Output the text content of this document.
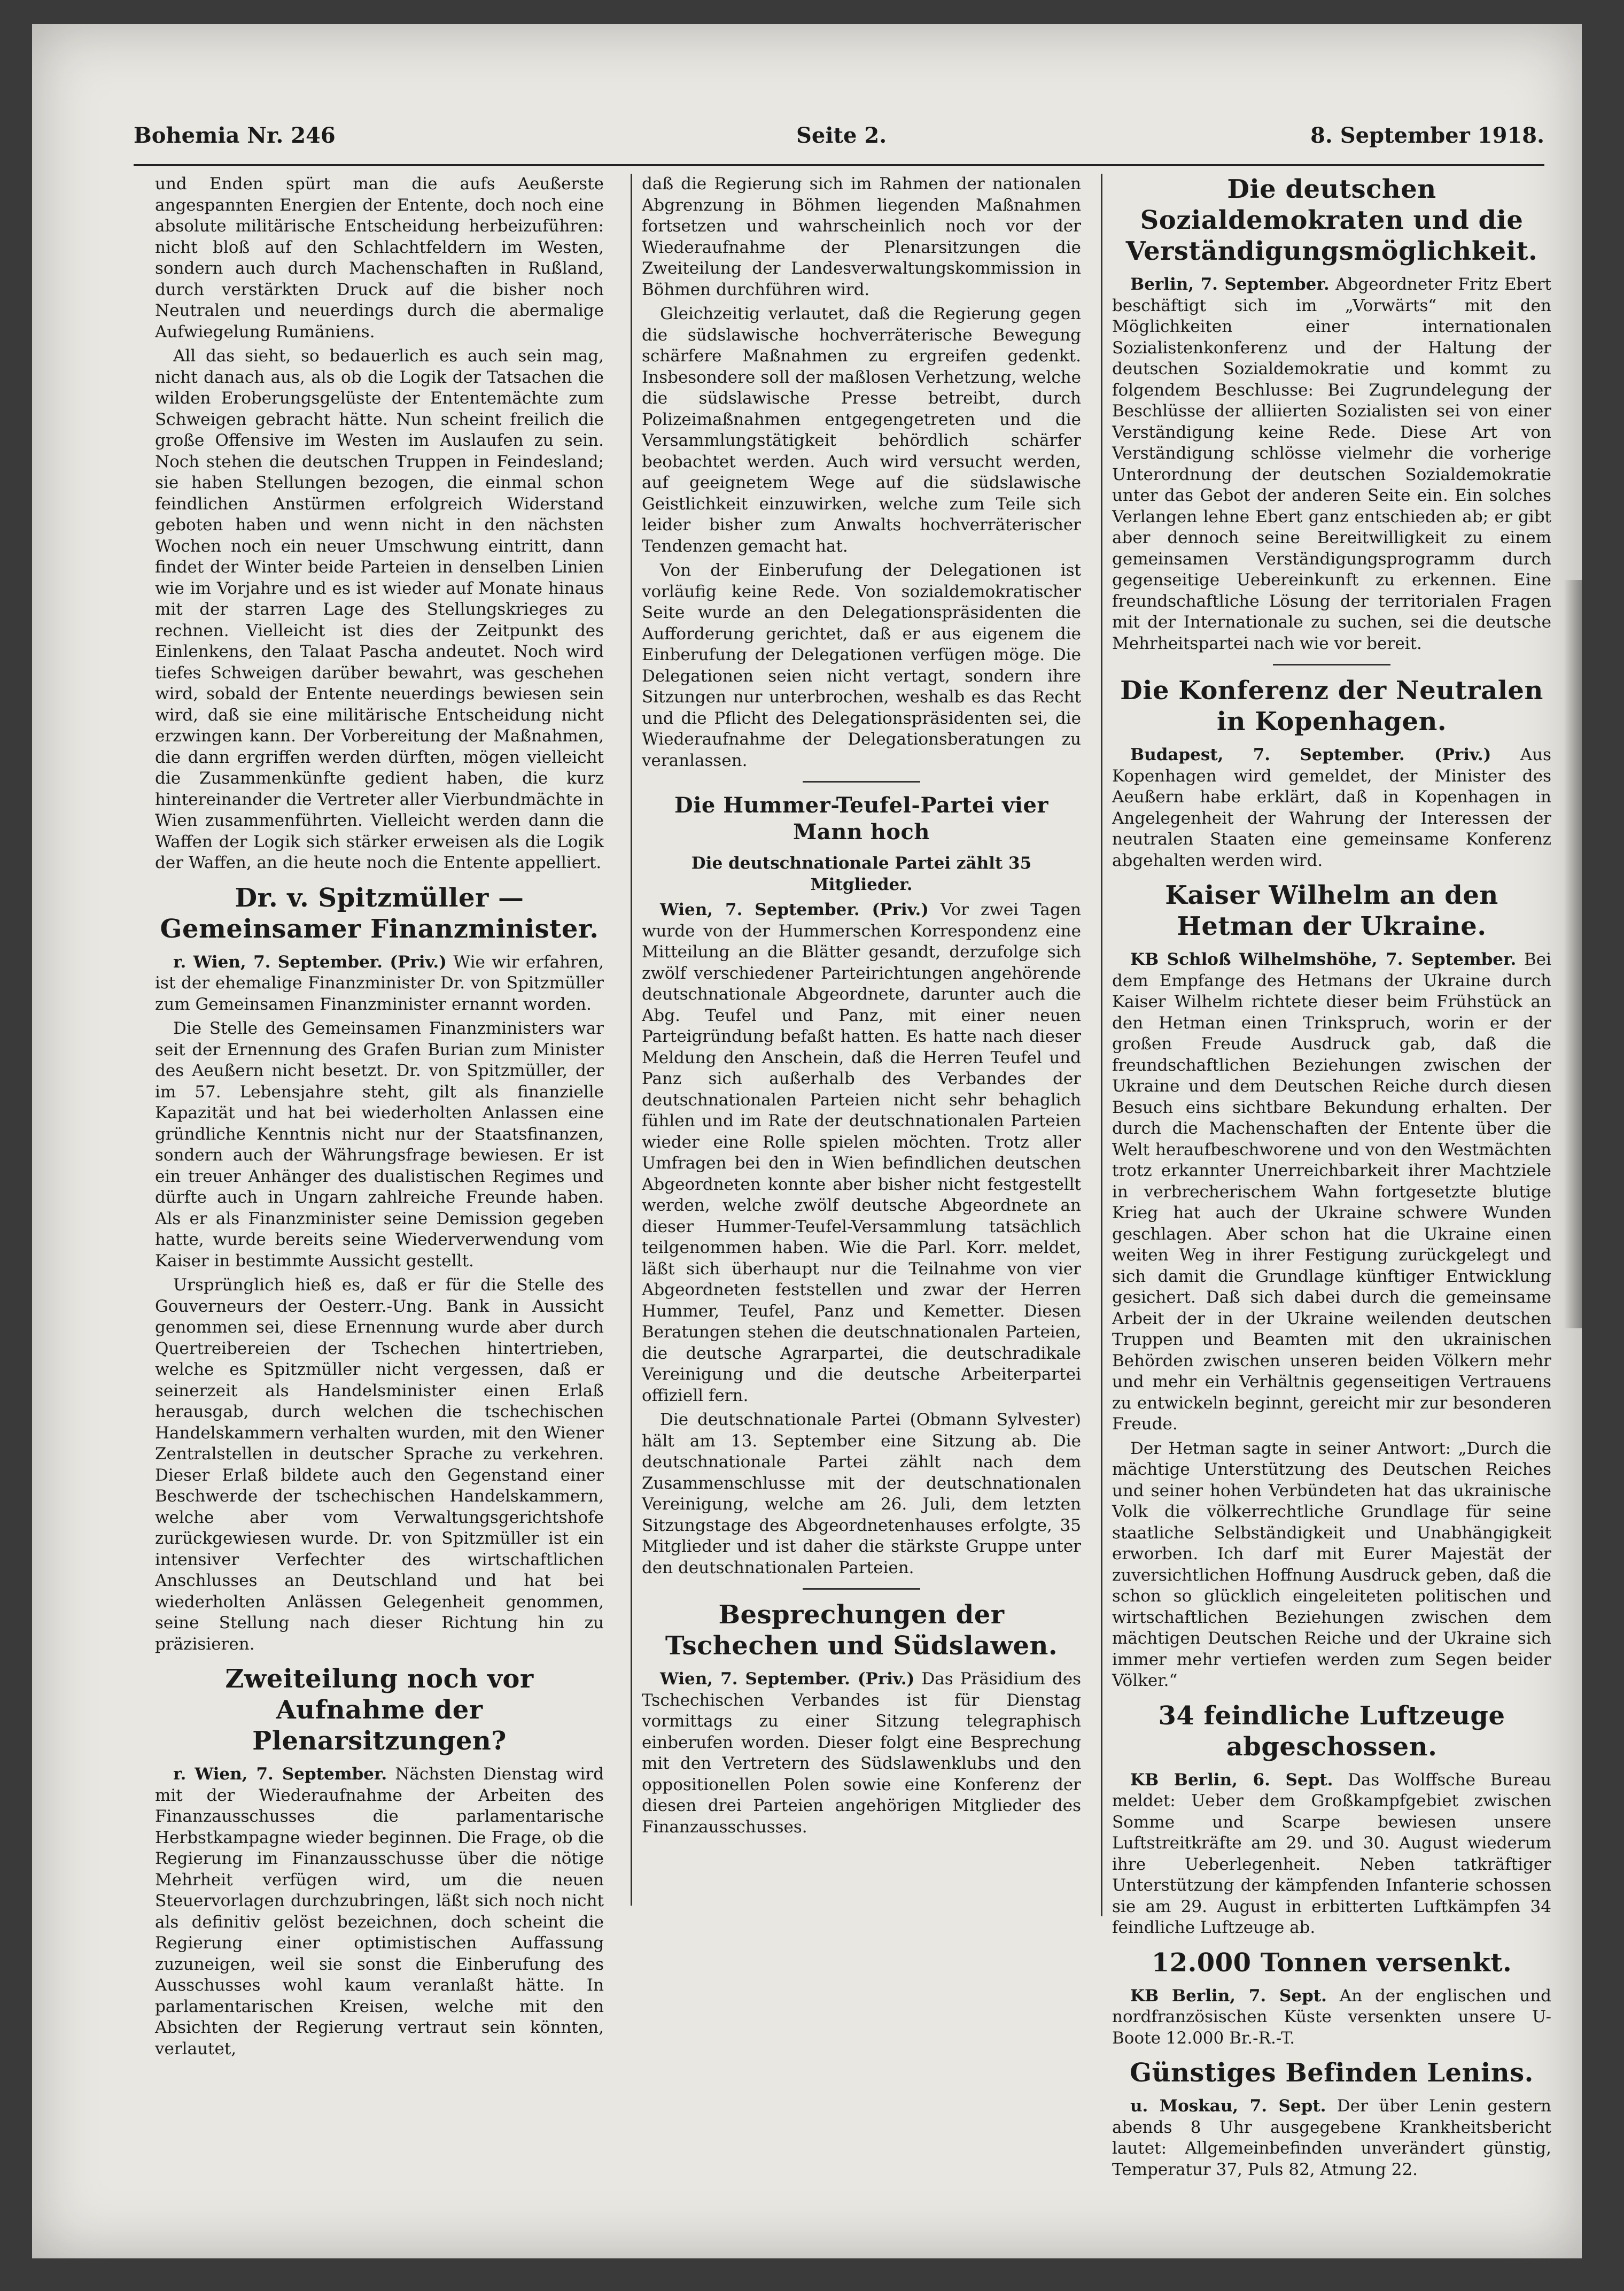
Bohemia Nr. 246	Seite 2.	8. September 1918.

und Enden spürt man die aufs Aeußerste angespannten Energien der Entente, doch noch eine absolute militärische Entscheidung herbeizuführen: nicht bloß auf den Schlachtfeldern im Westen, sondern auch durch Machenschaften in Rußland, durch verstärkten Druck auf die bisher noch Neutralen und neuerdings durch die abermalige Aufwiegelung Rumäniens.

All das sieht, so bedauerlich es auch sein mag, nicht danach aus, als ob die Logik der Tatsachen die wilden Eroberungsgelüste der Ententemächte zum Schweigen gebracht hätte. Nun scheint freilich die große Offensive im Westen im Auslaufen zu sein. Noch stehen die deutschen Truppen in Feindesland; sie haben Stellungen bezogen, die einmal schon feindlichen Anstürmen erfolgreich Widerstand geboten haben und wenn nicht in den nächsten Wochen noch ein neuer Umschwung eintritt, dann findet der Winter beide Parteien in denselben Linien wie im Vorjahre und es ist wieder auf Monate hinaus mit der starren Lage des Stellungskrieges zu rechnen. Vielleicht ist dies der Zeitpunkt des Einlenkens, den Talaat Pascha andeutet. Noch wird tiefes Schweigen darüber bewahrt, was geschehen wird, sobald der Entente neuerdings bewiesen sein wird, daß sie eine militärische Entscheidung nicht erzwingen kann. Der Vorbereitung der Maßnahmen, die dann ergriffen werden dürften, mögen vielleicht die Zusammenkünfte gedient haben, die kurz hintereinander die Vertreter aller Vierbundmächte in Wien zusammenführten. Vielleicht werden dann die Waffen der Logik sich stärker erweisen als die Logik der Waffen, an die heute noch die Entente appelliert.

Dr. v. Spitzmüller — Gemeinsamer Finanzminister.

r. Wien, 7. September. (Priv.) Wie wir erfahren, ist der ehemalige Finanzminister Dr. von Spitzmüller zum Gemeinsamen Finanzminister ernannt worden.

Die Stelle des Gemeinsamen Finanzministers war seit der Ernennung des Grafen Burian zum Minister des Aeußern nicht besetzt. Dr. von Spitzmüller, der im 57. Lebensjahre steht, gilt als finanzielle Kapazität und hat bei wiederholten Anlassen eine gründliche Kenntnis nicht nur der Staatsfinanzen, sondern auch der Währungsfrage bewiesen. Er ist ein treuer Anhänger des dualistischen Regimes und dürfte auch in Ungarn zahlreiche Freunde haben. Als er als Finanzminister seine Demission gegeben hatte, wurde bereits seine Wiederverwendung vom Kaiser in bestimmte Aussicht gestellt.

Ursprünglich hieß es, daß er für die Stelle des Gouverneurs der Oesterr.-Ung. Bank in Aussicht genommen sei, diese Ernennung wurde aber durch Quertreibereien der Tschechen hintertrieben, welche es Spitzmüller nicht vergessen, daß er seinerzeit als Handelsminister einen Erlaß herausgab, durch welchen die tschechischen Handelskammern verhalten wurden, mit den Wiener Zentralstellen in deutscher Sprache zu verkehren. Dieser Erlaß bildete auch den Gegenstand einer Beschwerde der tschechischen Handelskammern, welche aber vom Verwaltungsgerichtshofe zurückgewiesen wurde. Dr. von Spitzmüller ist ein intensiver Verfechter des wirtschaftlichen Anschlusses an Deutschland und hat bei wiederholten Anlässen Gelegenheit genommen, seine Stellung nach dieser Richtung hin zu präzisieren.

Zweiteilung noch vor Aufnahme der Plenarsitzungen?

r. Wien, 7. September. Nächsten Dienstag wird mit der Wiederaufnahme der Arbeiten des Finanzausschusses die parlamentarische Herbstkampagne wieder beginnen. Die Frage, ob die Regierung im Finanzausschusse über die nötige Mehrheit verfügen wird, um die neuen Steuervorlagen durchzubringen, läßt sich noch nicht als definitiv gelöst bezeichnen, doch scheint die Regierung einer optimistischen Auffassung zuzuneigen, weil sie sonst die Einberufung des Ausschusses wohl kaum veranlaßt hätte. In parlamentarischen Kreisen, welche mit den Absichten der Regierung vertraut sein könnten, verlautet,

daß die Regierung sich im Rahmen der nationalen Abgrenzung in Böhmen liegenden Maßnahmen fortsetzen und wahrscheinlich noch vor der Wiederaufnahme der Plenarsitzungen die Zweiteilung der Landesverwaltungskommission in Böhmen durchführen wird.

Gleichzeitig verlautet, daß die Regierung gegen die südslawische hochverräterische Bewegung schärfere Maßnahmen zu ergreifen gedenkt. Insbesondere soll der maßlosen Verhetzung, welche die südslawische Presse betreibt, durch Polizeimaßnahmen entgegengetreten und die Versammlungstätigkeit behördlich schärfer beobachtet werden. Auch wird versucht werden, auf geeignetem Wege auf die südslawische Geistlichkeit einzuwirken, welche zum Teile sich leider bisher zum Anwalts hochverräterischer Tendenzen gemacht hat.

Von der Einberufung der Delegationen ist vorläufig keine Rede. Von sozialdemokratischer Seite wurde an den Delegationspräsidenten die Aufforderung gerichtet, daß er aus eigenem die Einberufung der Delegationen verfügen möge. Die Delegationen seien nicht vertagt, sondern ihre Sitzungen nur unterbrochen, weshalb es das Recht und die Pflicht des Delegationspräsidenten sei, die Wiederaufnahme der Delegationsberatungen zu veranlassen.

Die Hummer-Teufel-Partei vier Mann hoch
Die deutschnationale Partei zählt 35 Mitglieder.

Wien, 7. September. (Priv.) Vor zwei Tagen wurde von der Hummerschen Korrespondenz eine Mitteilung an die Blätter gesandt, derzufolge sich zwölf verschiedener Parteirichtungen angehörende deutschnationale Abgeordnete, darunter auch die Abg. Teufel und Panz, mit einer neuen Parteigründung befaßt hatten. Es hatte nach dieser Meldung den Anschein, daß die Herren Teufel und Panz sich außerhalb des Verbandes der deutschnationalen Parteien nicht sehr behaglich fühlen und im Rate der deutschnationalen Parteien wieder eine Rolle spielen möchten. Trotz aller Umfragen bei den in Wien befindlichen deutschen Abgeordneten konnte aber bisher nicht festgestellt werden, welche zwölf deutsche Abgeordnete an dieser Hummer-Teufel-Versammlung tatsächlich teilgenommen haben. Wie die Parl. Korr. meldet, läßt sich überhaupt nur die Teilnahme von vier Abgeordneten feststellen und zwar der Herren Hummer, Teufel, Panz und Kemetter. Diesen Beratungen stehen die deutschnationalen Parteien, die deutsche Agrarpartei, die deutschradikale Vereinigung und die deutsche Arbeiterpartei offiziell fern.

Die deutschnationale Partei (Obmann Sylvester) hält am 13. September eine Sitzung ab. Die deutschnationale Partei zählt nach dem Zusammenschlusse mit der deutschnationalen Vereinigung, welche am 26. Juli, dem letzten Sitzungstage des Abgeordnetenhauses erfolgte, 35 Mitglieder und ist daher die stärkste Gruppe unter den deutschnationalen Parteien.

Besprechungen der Tschechen und Südslawen.

Wien, 7. September. (Priv.) Das Präsidium des Tschechischen Verbandes ist für Dienstag vormittags zu einer Sitzung telegraphisch einberufen worden. Dieser folgt eine Besprechung mit den Vertretern des Südslawenklubs und den oppositionellen Polen sowie eine Konferenz der diesen drei Parteien angehörigen Mitglieder des Finanzausschusses.

Die deutschen Sozialdemokraten und die Verständigungsmöglichkeit.

Berlin, 7. September. Abgeordneter Fritz Ebert beschäftigt sich im „Vorwärts“ mit den Möglichkeiten einer internationalen Sozialistenkonferenz und der Haltung der deutschen Sozialdemokratie und kommt zu folgendem Beschlusse: Bei Zugrundelegung der Beschlüsse der alliierten Sozialisten sei von einer Verständigung keine Rede. Diese Art von Verständigung schlösse vielmehr die vorherige Unterordnung der deutschen Sozialdemokratie unter das Gebot der anderen Seite ein. Ein solches Verlangen lehne Ebert ganz entschieden ab; er gibt aber dennoch seine Bereitwilligkeit zu einem gemeinsamen Verständigungsprogramm durch gegenseitige Uebereinkunft zu erkennen. Eine freundschaftliche Lösung der territorialen Fragen mit der Internationale zu suchen, sei die deutsche Mehrheitspartei nach wie vor bereit.

Die Konferenz der Neutralen in Kopenhagen.

Budapest, 7. September. (Priv.) Aus Kopenhagen wird gemeldet, der Minister des Aeußern habe erklärt, daß in Kopenhagen in Angelegenheit der Wahrung der Interessen der neutralen Staaten eine gemeinsame Konferenz abgehalten werden wird.

Kaiser Wilhelm an den Hetman der Ukraine.

KB Schloß Wilhelmshöhe, 7. September. Bei dem Empfange des Hetmans der Ukraine durch Kaiser Wilhelm richtete dieser beim Frühstück an den Hetman einen Trinkspruch, worin er der großen Freude Ausdruck gab, daß die freundschaftlichen Beziehungen zwischen der Ukraine und dem Deutschen Reiche durch diesen Besuch eins sichtbare Bekundung erhalten. Der durch die Machenschaften der Entente über die Welt heraufbeschworene und von den Westmächten trotz erkannter Unerreichbarkeit ihrer Machtziele in verbrecherischem Wahn fortgesetzte blutige Krieg hat auch der Ukraine schwere Wunden geschlagen. Aber schon hat die Ukraine einen weiten Weg in ihrer Festigung zurückgelegt und sich damit die Grundlage künftiger Entwicklung gesichert. Daß sich dabei durch die gemeinsame Arbeit der in der Ukraine weilenden deutschen Truppen und Beamten mit den ukrainischen Behörden zwischen unseren beiden Völkern mehr und mehr ein Verhältnis gegenseitigen Vertrauens zu entwickeln beginnt, gereicht mir zur besonderen Freude.

Der Hetman sagte in seiner Antwort: „Durch die mächtige Unterstützung des Deutschen Reiches und seiner hohen Verbündeten hat das ukrainische Volk die völkerrechtliche Grundlage für seine staatliche Selbständigkeit und Unabhängigkeit erworben. Ich darf mit Eurer Majestät der zuversichtlichen Hoffnung Ausdruck geben, daß die schon so glücklich eingeleiteten politischen und wirtschaftlichen Beziehungen zwischen dem mächtigen Deutschen Reiche und der Ukraine sich immer mehr vertiefen werden zum Segen beider Völker.“

34 feindliche Luftzeuge abgeschossen.

KB Berlin, 6. Sept. Das Wolffsche Bureau meldet: Ueber dem Großkampfgebiet zwischen Somme und Scarpe bewiesen unsere Luftstreitkräfte am 29. und 30. August wiederum ihre Ueberlegenheit. Neben tatkräftiger Unterstützung der kämpfenden Infanterie schossen sie am 29. August in erbitterten Luftkämpfen 34 feindliche Luftzeuge ab.

12.000 Tonnen versenkt.

KB Berlin, 7. Sept. An der englischen und nordfranzösischen Küste versenkten unsere U-Boote 12.000 Br.-R.-T.

Günstiges Befinden Lenins.

u. Moskau, 7. Sept. Der über Lenin gestern abends 8 Uhr ausgegebene Krankheitsbericht lautet: Allgemeinbefinden unverändert günstig, Temperatur 37, Puls 82, Atmung 22.
